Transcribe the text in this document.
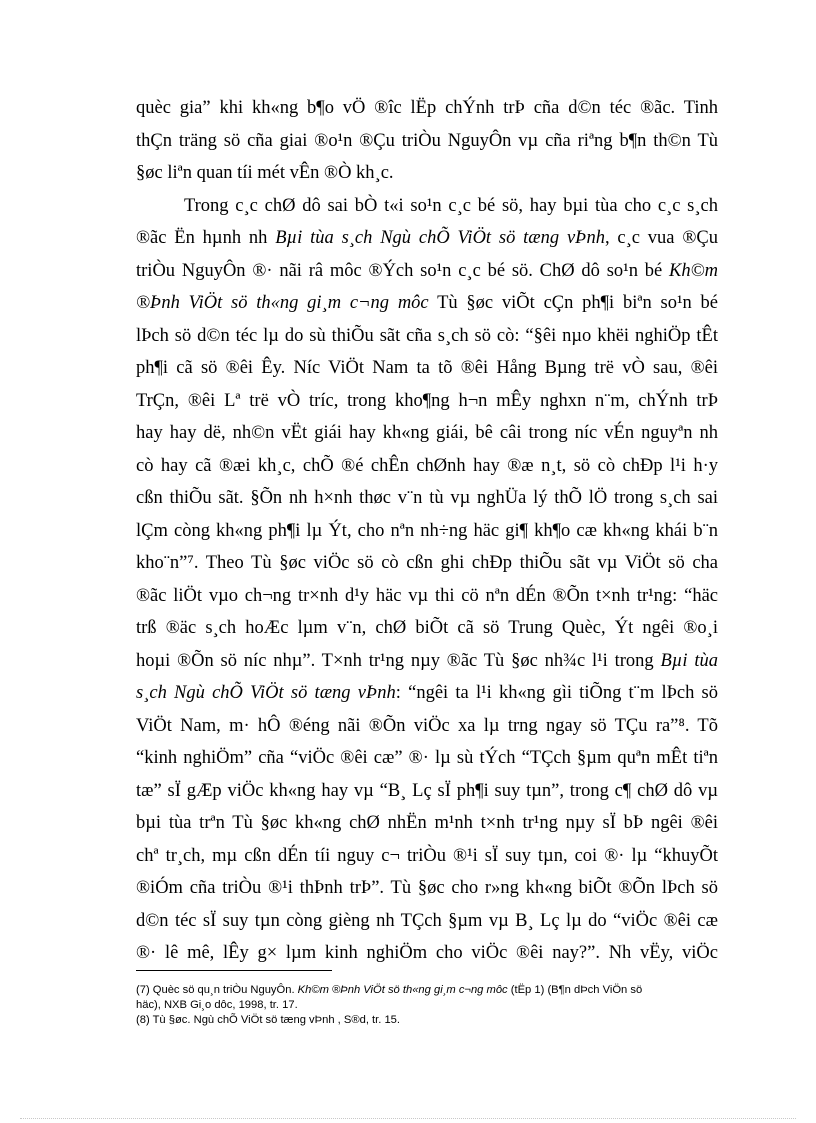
quèc gia” khi kh«ng b¶o vÖ ®îc lËp chÝnh trÞ cña d©n téc ®ãc. Tinh
thÇn träng sö cña giai ®o¹n ®Çu triÒu NguyÔn vµ cña riªng b¶n th©n Tù
§øc liªn quan tíi mét vÊn ®Ò kh¸c.
Trong c¸c chØ dô sai bÒ t«i so¹n c¸c bé sö, hay bµi tùa cho c¸c s¸ch
®ãc Ën hµnh nh Bµi tùa s¸ch Ngù chÕ ViÖt sö tæng vÞnh, c¸c vua ®Çu
triÒu NguyÔn ®· nãi râ môc ®Ých so¹n c¸c bé sö. ChØ dô so¹n bé Kh©m
®Þnh ViÖt sö th«ng gi¸m c¬ng môc Tù §øc viÕt cÇn ph¶i biªn so¹n bé
lÞch sö d©n téc lµ do sù thiÕu sãt cña s¸ch sö cò: “§êi nµo khëi nghiÖp tÊt
ph¶i cã sö ®êi Êy. Níc ViÖt Nam ta tõ ®êi Hång Bµng trë vÒ sau, ®êi
TrÇn, ®êi Lª trë vÒ tríc, trong kho¶ng h¬n mÊy nghxn n¨m, chÝnh trÞ
hay hay dë, nh©n vËt giái hay kh«ng giái, bê câi trong níc vÉn nguyªn nh
cò hay cã ®æi kh¸c, chÕ ®é chÊn chØnh hay ®æ n¸t, sö cò chÐp l¹i h·y
cßn thiÕu sãt. §Õn nh h×nh thøc v¨n tù vµ nghÜa lý thÕ lÖ trong s¸ch sai
lÇm còng kh«ng ph¶i lµ Ýt, cho nªn nh÷ng häc gi¶ kh¶o cæ kh«ng khái b¨n
kho¨n”⁷. Theo Tù §øc viÖc sö cò cßn ghi chÐp thiÕu sãt vµ ViÖt sö cha
®ãc liÖt vµo ch¬ng tr×nh d¹y häc vµ thi cö nªn dÉn ®Õn t×nh tr¹ng: “häc
trß ®äc s¸ch hoÆc lµm v¨n, chØ biÕt cã sö Trung Quèc, Ýt ngêi ®o¸i
hoµi ®Õn sö níc nhµ”. T×nh tr¹ng nµy ®ãc Tù §øc nh¾c l¹i trong Bµi tùa
s¸ch Ngù chÕ ViÖt sö tæng vÞnh: “ngêi ta l¹i kh«ng gìi tiÕng t¨m lÞch sö
ViÖt Nam, m· hÔ ®éng nãi ®Õn viÖc xa lµ trng ngay sö TÇu ra”⁸. Tõ
“kinh nghiÖm” cña “viÖc ®êi cæ” ®· lµ sù tÝch “TÇch §µm quªn mÊt tiªn
tæ” sÏ gÆp viÖc kh«ng hay vµ “B¸ Lç sÏ ph¶i suy tµn”, trong c¶ chØ dô vµ
bµi tùa trªn Tù §øc kh«ng chØ nhËn m¹nh t×nh tr¹ng nµy sÏ bÞ ngêi ®êi
chª tr¸ch, mµ cßn dÉn tíi nguy c¬ triÒu ®¹i sÏ suy tµn, coi ®· lµ “khuyÕt
®iÓm cña triÒu ®¹i thÞnh trÞ”. Tù §øc cho r»ng kh«ng biÕt ®Õn lÞch sö
d©n téc sÏ suy tµn còng gièng nh TÇch §µm vµ B¸ Lç lµ do “viÖc ®êi cæ
®· lê mê, lÊy g× lµm kinh nghiÖm cho viÖc ®êi nay?”. Nh vËy, viÖc
(7) Quèc sö qu¸n triÒu NguyÔn. Kh©m ®Þnh ViÖt sö th«ng gi¸m c¬ng môc (tËp 1) (B¶n dÞch ViÖn sö
häc), NXB Gi¸o dôc, 1998, tr. 17.
(8) Tù §øc. Ngù chÕ ViÖt sö tæng vÞnh , S®d, tr. 15.
